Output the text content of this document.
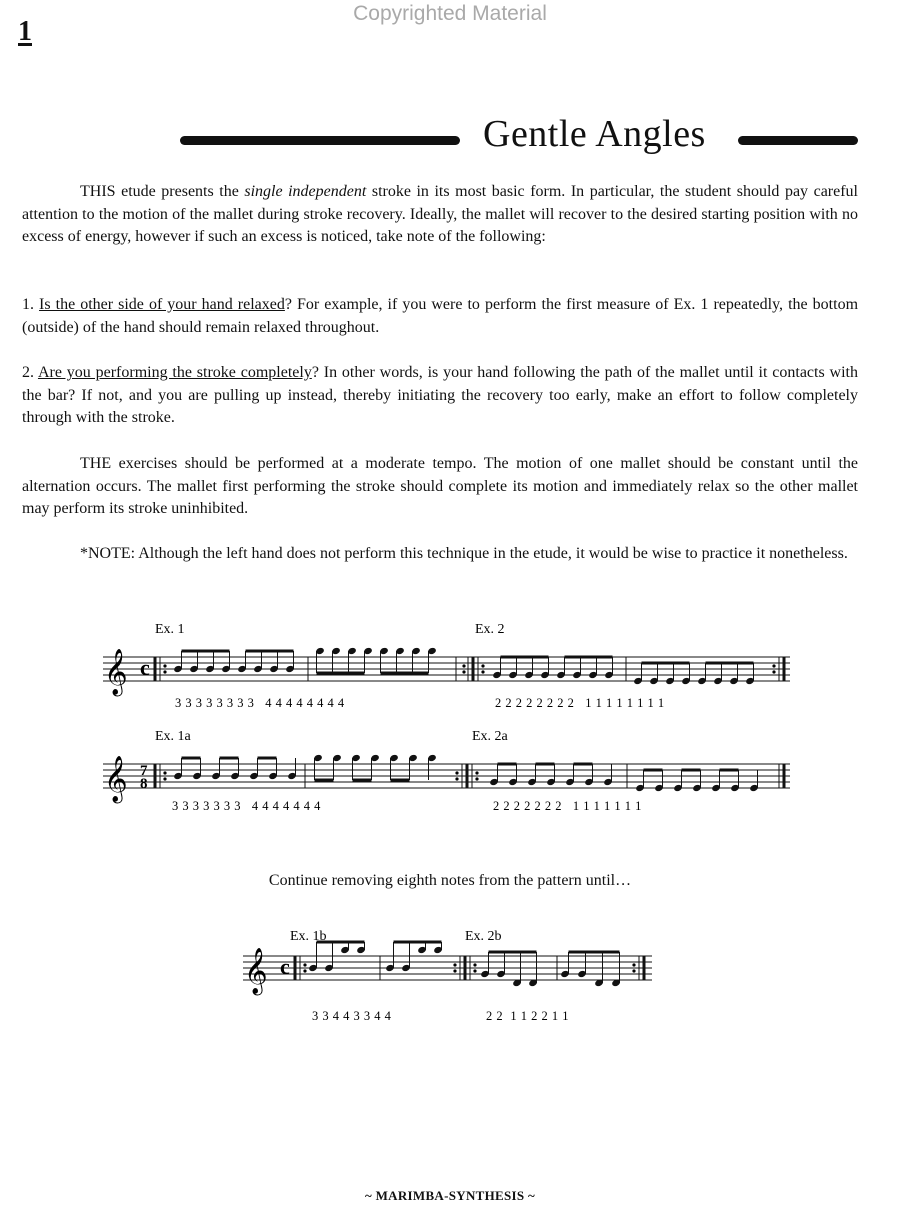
Copyrighted Material
1
Gentle Angles

THIS etude presents the single independent stroke in its most basic form. In particular, the student should pay careful attention to the motion of the mallet during stroke recovery. Ideally, the mallet will recover to the desired starting position with no excess of energy, however if such an excess is noticed, take note of the following:

1. Is the other side of your hand relaxed? For example, if you were to perform the first measure of Ex. 1 repeatedly, the bottom (outside) of the hand should remain relaxed throughout.

2. Are you performing the stroke completely? In other words, is your hand following the path of the mallet until it contacts with the bar? If not, and you are pulling up instead, thereby initiating the recovery too early, make an effort to follow completely through with the stroke.

THE exercises should be performed at a moderate tempo. The motion of one mallet should be constant until the alternation occurs. The mallet first performing the stroke should complete its motion and immediately relax so the other mallet may perform its stroke uninhibited.

*NOTE: Although the left hand does not perform this technique in the etude, it would be wise to practice it nonetheless.

Ex. 1	Ex. 2
𝄞 c
3 3 3 3 3 3 3 3   4 4 4 4 4 4 4 4	2 2 2 2 2 2 2 2   1 1 1 1 1 1 1 1
Ex. 1a	Ex. 2a
𝄞 7
8
3 3 3 3 3 3 3   4 4 4 4 4 4 4	2 2 2 2 2 2 2   1 1 1 1 1 1 1
Continue removing eighth notes from the pattern until…
Ex. 1b	Ex. 2b
𝄞 c
3 3 4 4 3 3 4 4	2 2  1 1 2 2 1 1
~ MARIMBA-SYNTHESIS ~
